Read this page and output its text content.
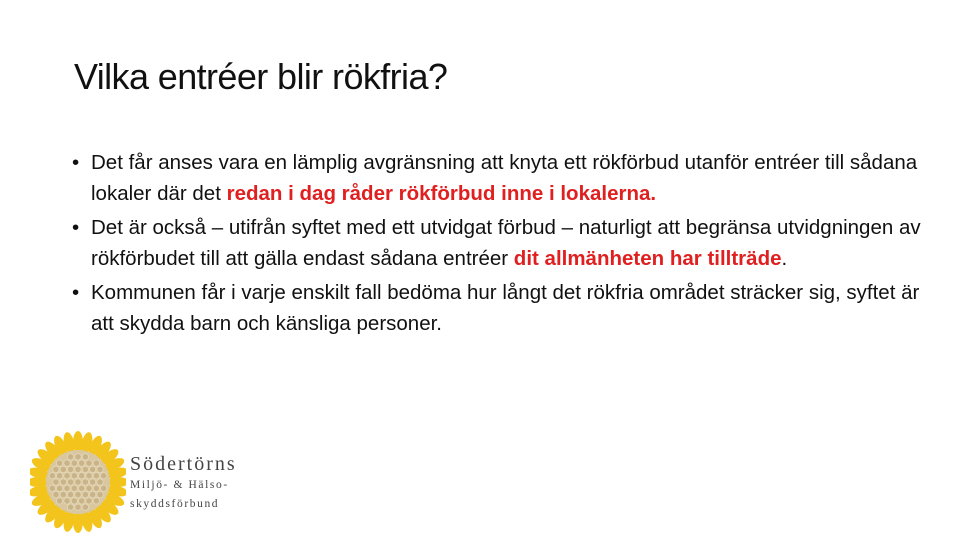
Vilka entréer blir rökfria?
• Det får anses vara en lämplig avgränsning att knyta ett rökförbud utanför entréer till sådana lokaler där det redan i dag råder rökförbud inne i lokalerna.
• Det är också – utifrån syftet med ett utvidgat förbud – naturligt att begränsa utvidgningen av rökförbudet till att gälla endast sådana entréer dit allmänheten har tillträde.
• Kommunen får i varje enskilt fall bedöma hur långt det rökfria området sträcker sig, syftet är att skydda barn och känsliga personer.
Södertörns
Miljö- & Hälso-
skyddsförbund
